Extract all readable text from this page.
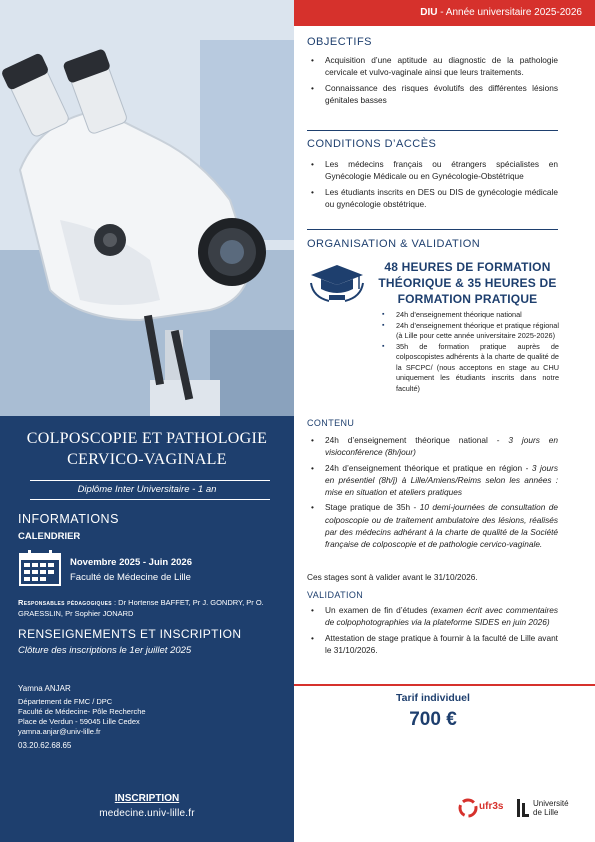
COLPOSCOPIE ET PATHOLOGIE
CERVICO-VAGINALE
Diplôme Inter Universitaire - 1 an
INFORMATIONS
CALENDRIER
Novembre 2025 - Juin 2026
Faculté de Médecine de Lille
Responsables pédagogiques : Dr Hortense BAFFET, Pr J. GONDRY, Pr O. GRAESSLIN, Pr Sophier JONARD
RENSEIGNEMENTS ET INSCRIPTION
Clôture des inscriptions le 1er juillet 2025
Yamna ANJAR
Département de FMC / DPC
Faculté de Médecine- Pôle Recherche
Place de Verdun - 59045 Lille Cedex
yamna.anjar@univ-lille.fr
03.20.62.68.65
INSCRIPTION
medecine.univ-lille.fr
DIU - Année universitaire 2025-2026
OBJECTIFS
• Acquisition d’une aptitude au diagnostic de la pathologie cervicale et vulvo-vaginale ainsi que leurs traitements.
• Connaissance des risques évolutifs des différentes lésions génitales basses
CONDITIONS D’ACCÈS
• Les médecins français ou étrangers spécialistes en Gynécologie Médicale ou en Gynécologie-Obstétrique
• Les étudiants inscrits en DES ou DIS de gynécologie médicale ou gynécologie obstétrique.
ORGANISATION & VALIDATION
48 HEURES DE FORMATION THÉORIQUE & 35 HEURES DE FORMATION PRATIQUE
▪ 24h d’enseignement théorique national
▪ 24h d’enseignement théorique et pratique régional (à Lille pour cette année universitaire 2025-2026)
▪ 35h de formation pratique auprès de colposcopistes adhérents à la charte de qualité de la SFCPC/ (nous acceptons en stage au CHU uniquement les étudiants inscrits dans notre faculté)
CONTENU
• 24h d’enseignement théorique national - 3 jours en visioconférence (8h/jour)
• 24h d’enseignement théorique et pratique en région - 3 jours en présentiel (8h/j) à Lille/Amiens/Reims selon les années : mise en situation et ateliers pratiques
• Stage pratique de 35h - 10 demi-journées de consultation de colposcopie ou de traitement ambulatoire des lésions, réalisés par des médecins adhérant à la charte de qualité de la Société française de colposcopie et de pathologie cervico-vaginale.
Ces stages sont à valider avant le 31/10/2026.
VALIDATION
• Un examen de fin d’études (examen écrit avec commentaires de colpophotographies via la plateforme SIDES en juin 2026)
• Attestation de stage pratique à fournir à la faculté de Lille avant le 31/10/2026.
Tarif individuel
700 €
ufr3s	Université
de Lille
